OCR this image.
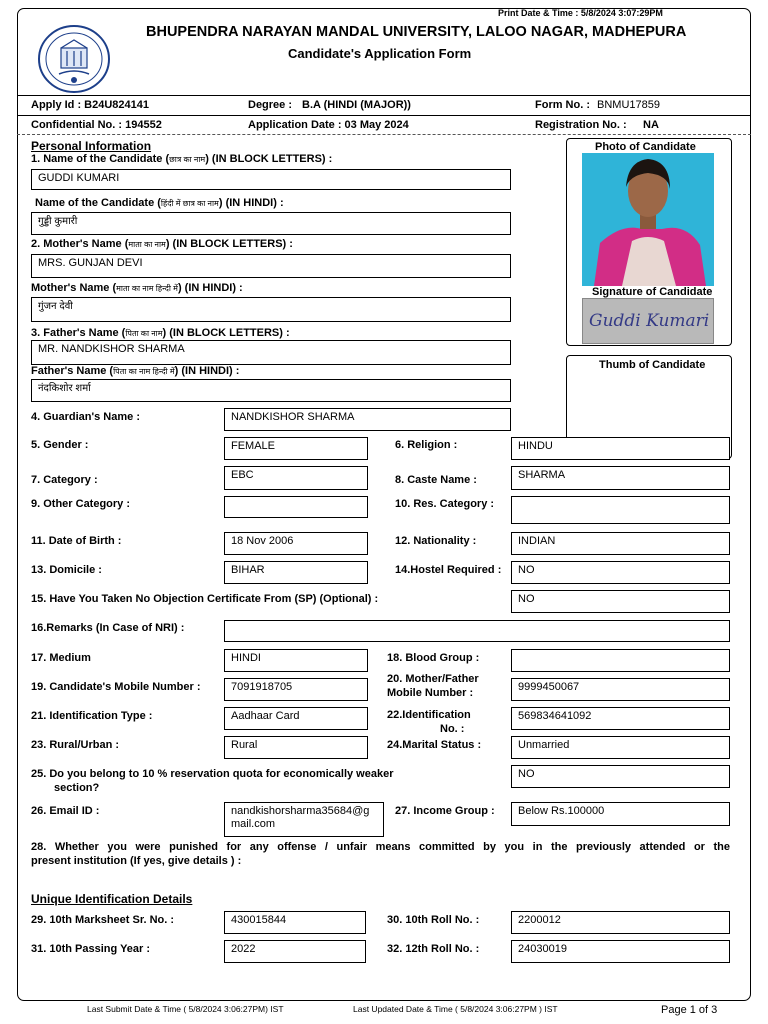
Print Date & Time : 5/8/2024 3:07:29PM
BHUPENDRA NARAYAN MANDAL UNIVERSITY, LALOO NAGAR, MADHEPURA
Candidate's Application Form
Apply Id : B24U824141	Degree : B.A (HINDI (MAJOR))	Form No. : BNMU17859
Confidential No. : 194552	Application Date : 03 May 2024	Registration No. : NA
Personal Information	Photo of Candidate
Signature of Candidate
Guddi Kumari
Thumb of Candidate
1. Name of the Candidate (छात्र का नाम) (IN BLOCK LETTERS) :
GUDDI KUMARI
Name of the Candidate (हिंदी में छात्र का नाम) (IN HINDI) :
गुड्डी कुमारी
2. Mother's Name (माता का नाम) (IN BLOCK LETTERS) :
MRS. GUNJAN DEVI
Mother's Name (माता का नाम हिन्दी में) (IN HINDI) :
गुंजन देवी
3. Father's Name (पिता का नाम) (IN BLOCK LETTERS) :
MR. NANDKISHOR SHARMA
Father's Name (पिता का नाम हिन्दी में) (IN HINDI) :
नंदकिशोर शर्मा
4. Guardian's Name :	NANDKISHOR SHARMA
5. Gender :	FEMALE	6. Religion :	HINDU
7. Category :	EBC	8. Caste Name :	SHARMA
9. Other Category :	10. Res. Category :
11. Date of Birth :	18 Nov 2006	12. Nationality :	INDIAN
13. Domicile :	BIHAR	14.Hostel Required :	NO
15. Have You Taken No Objection Certificate From (SP) (Optional) :	NO
16.Remarks (In Case of NRI) :
17. Medium	HINDI	18. Blood Group :
19. Candidate's Mobile Number :	7091918705
20. Mother/Father
Mobile Number :	9999450067
21. Identification Type :	Aadhaar Card	22.Identification
No. :
569834641092
23. Rural/Urban :	Rural	24.Marital Status :	Unmarried
25. Do you belong to 10 % reservation quota for economically weaker
section?
NO
26. Email ID :	nandkishorsharma35684@g
mail.com
27. Income Group :	Below Rs.100000
28. Whether you were punished for any offense / unfair means committed by you in the previously attended or the
present institution (If yes, give details ) :
Unique Identification Details
29. 10th Marksheet Sr. No. :	430015844	30. 10th Roll No. :	2200012
31. 10th Passing Year :	2022	32. 12th Roll No. :	24030019
Last Submit Date & Time ( 5/8/2024 3:06:27PM) IST	Last Updated Date & Time ( 5/8/2024 3:06:27PM ) IST	Page 1 of 3
